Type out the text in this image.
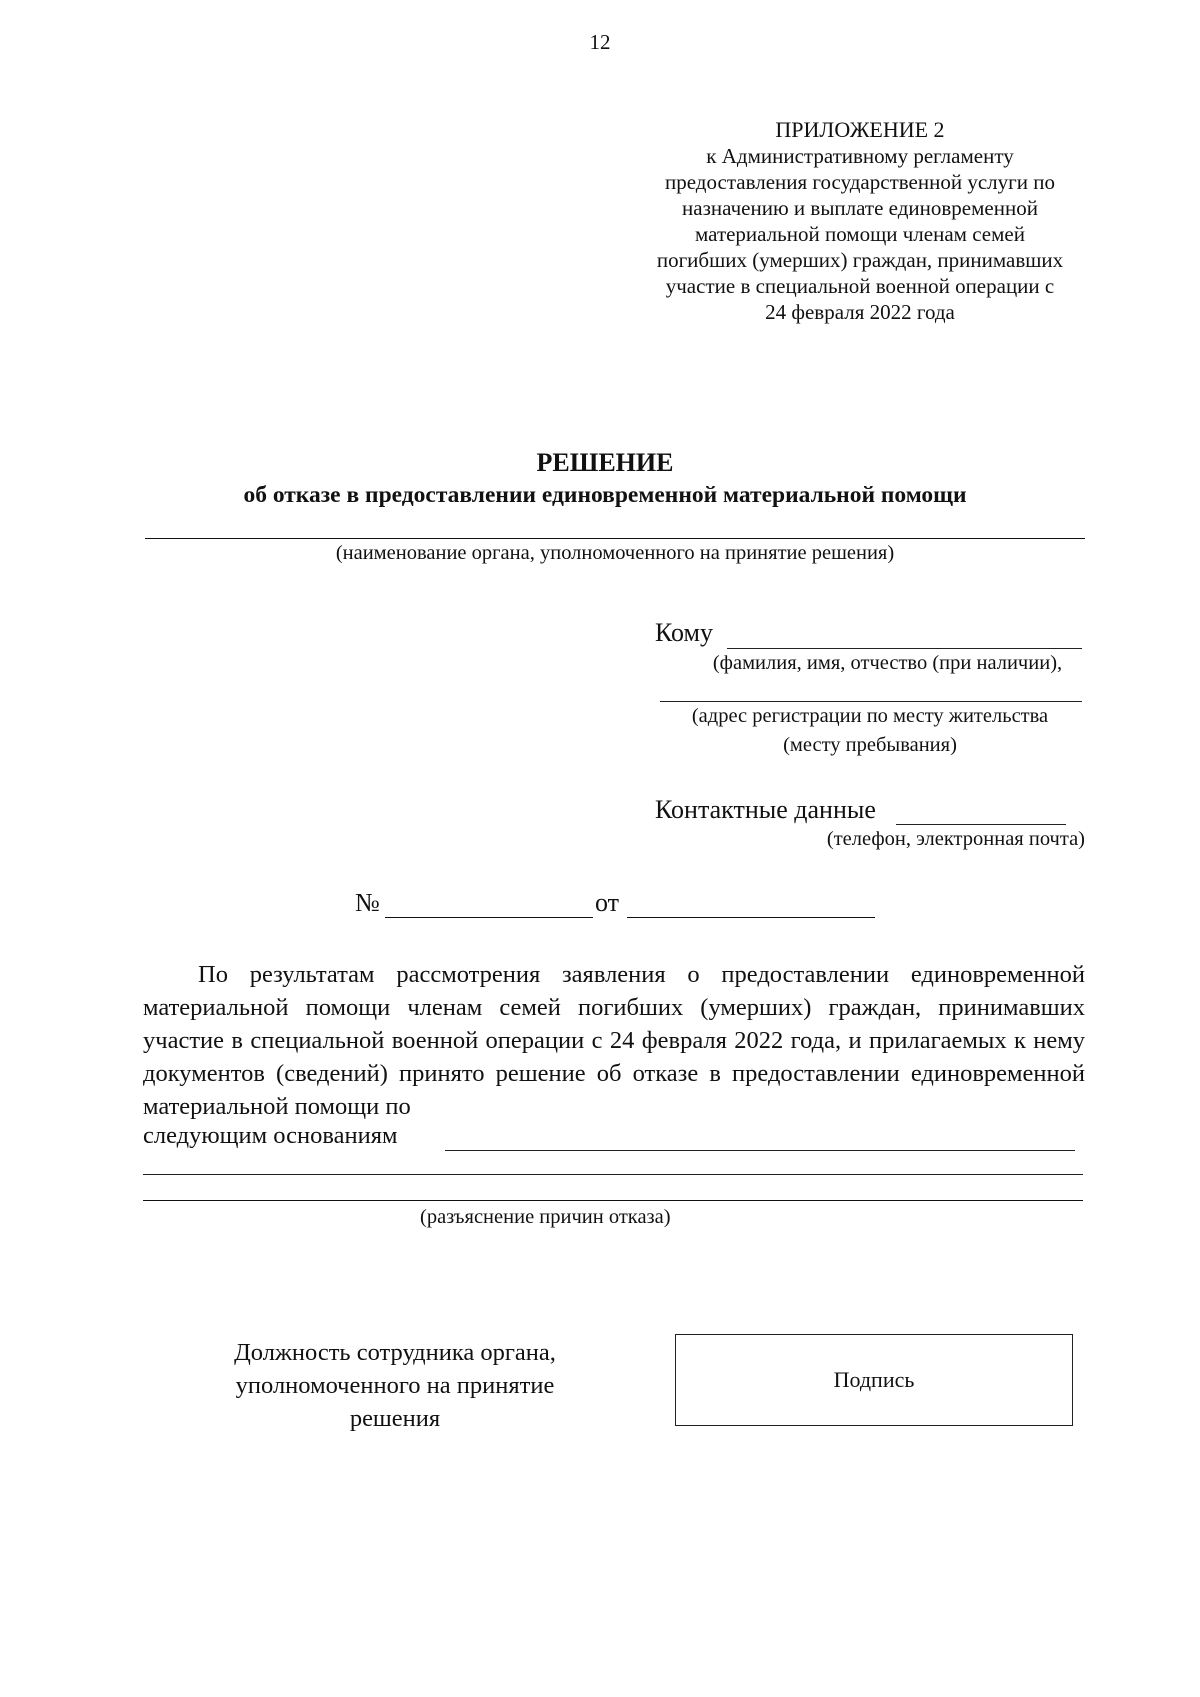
12
ПРИЛОЖЕНИЕ 2
к Административному регламенту
предоставления государственной услуги по
назначению и выплате единовременной
материальной помощи членам семей
погибших (умерших) граждан, принимавших
участие в специальной военной операции с
24 февраля 2022 года
РЕШЕНИЕ
об отказе в предоставлении единовременной материальной помощи
(наименование органа, уполномоченного на принятие решения)
Кому
(фамилия, имя, отчество (при наличии),
(адрес регистрации по месту жительства
(месту пребывания)
Контактные данные
(телефон, электронная почта)
№	от
По результатам рассмотрения заявления о предоставлении единовременной материальной помощи членам семей погибших (умерших) граждан, принимавших участие в специальной военной операции с 24 февраля 2022 года, и прилагаемых к нему документов (сведений) принято решение об отказе в предоставлении единовременной материальной помощи по
следующим основаниям
(разъяснение причин отказа)
Должность сотрудника органа,
уполномоченного на принятие
решения
Подпись
